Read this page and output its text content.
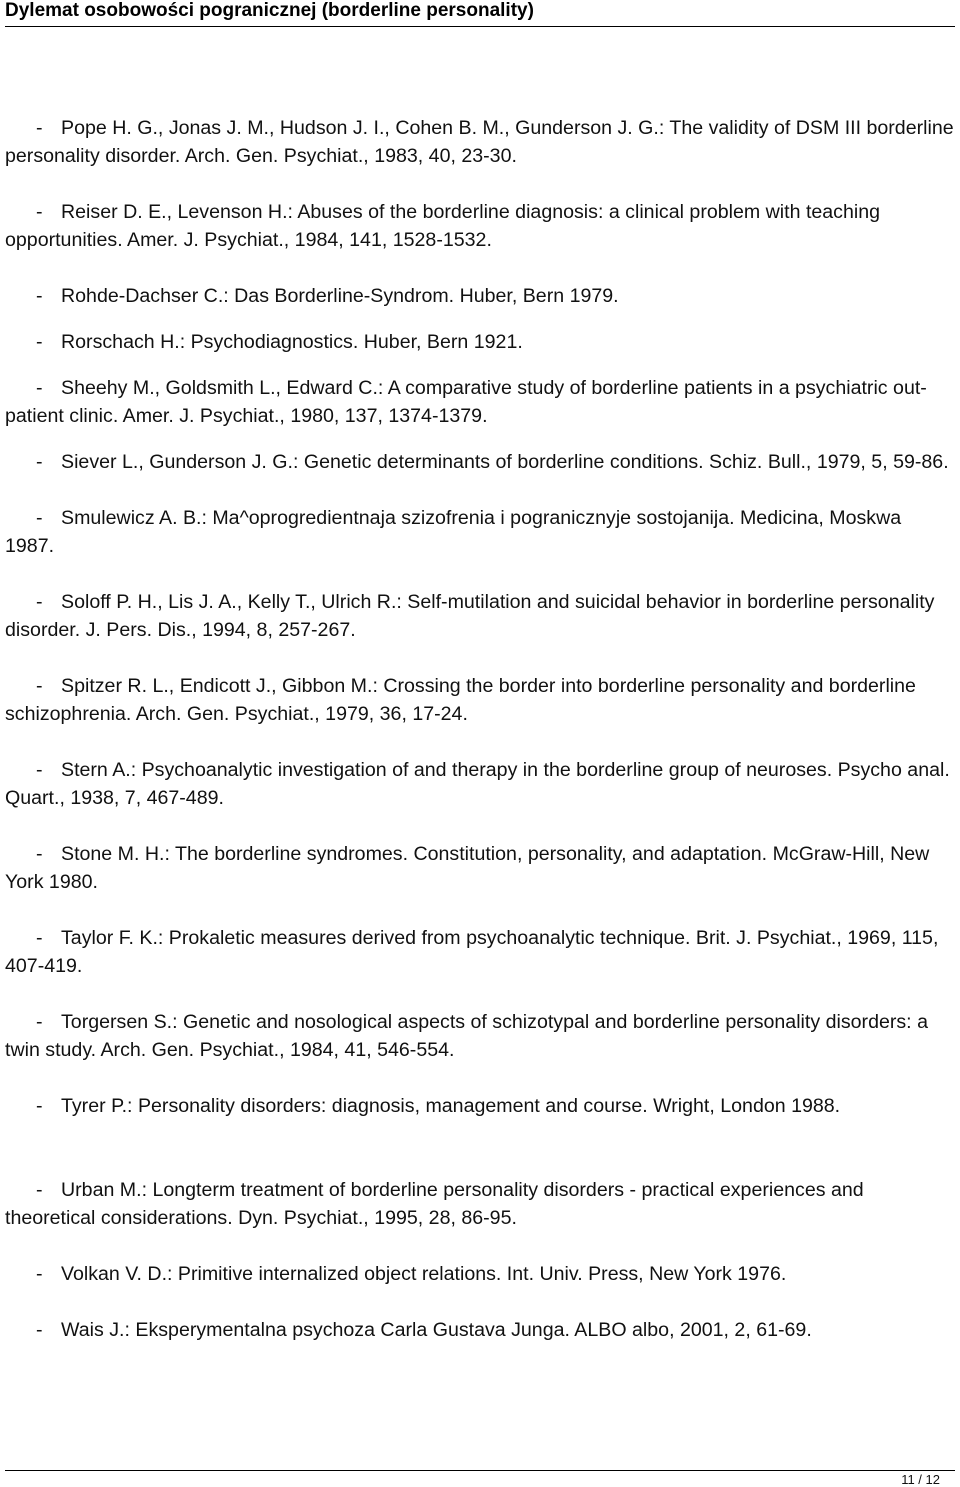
Dylemat osobowości pogranicznej (borderline personality)
- Pope H. G., Jonas J. M., Hudson J. I., Cohen B. M., Gunderson J. G.: The validity of DSM III borderline personality disorder. Arch. Gen. Psychiat., 1983, 40, 23-30.
- Reiser D. E., Levenson H.: Abuses of the borderline diagnosis: a clinical problem with teaching opportunities. Amer. J. Psychiat., 1984, 141, 1528-1532.
- Rohde-Dachser C.: Das Borderline-Syndrom. Huber, Bern 1979.
- Rorschach H.: Psychodiagnostics. Huber, Bern 1921.
- Sheehy M., Goldsmith L., Edward C.: A comparative study of borderline patients in a psychiatric out-patient clinic. Amer. J. Psychiat., 1980, 137, 1374-1379.
- Siever L., Gunderson J. G.: Genetic determinants of borderline conditions. Schiz. Bull., 1979, 5, 59-86.
- Smulewicz A. B.: Ma^oprogredientnaja szizofrenia i pogranicznyje sostojanija. Medicina, Moskwa 1987.
- Soloff P. H., Lis J. A., Kelly T., Ulrich R.: Self-mutilation and suicidal behavior in borderline personality disorder. J. Pers. Dis., 1994, 8, 257-267.
- Spitzer R. L., Endicott J., Gibbon M.: Crossing the border into borderline personality and borderline schizophrenia. Arch. Gen. Psychiat., 1979, 36, 17-24.
- Stern A.: Psychoanalytic investigation of and therapy in the borderline group of neuroses. Psycho anal. Quart., 1938, 7, 467-489.
- Stone M. H.: The borderline syndromes. Constitution, personality, and adaptation. McGraw-Hill, New York 1980.
- Taylor F. K.: Prokaletic measures derived from psychoanalytic technique. Brit. J. Psychiat., 1969, 115, 407-419.
- Torgersen S.: Genetic and nosological aspects of schizotypal and borderline personality disorders: a twin study. Arch. Gen. Psychiat., 1984, 41, 546-554.
- Tyrer P.: Personality disorders: diagnosis, management and course. Wright, London 1988.
- Urban M.: Longterm treatment of borderline personality disorders - practical experiences and  theoretical considerations. Dyn. Psychiat., 1995, 28, 86-95.
- Volkan V. D.: Primitive internalized object relations. Int. Univ. Press, New York 1976.
- Wais J.: Eksperymentalna psychoza Carla Gustava Junga. ALBO albo, 2001, 2, 61-69.
11 / 12
